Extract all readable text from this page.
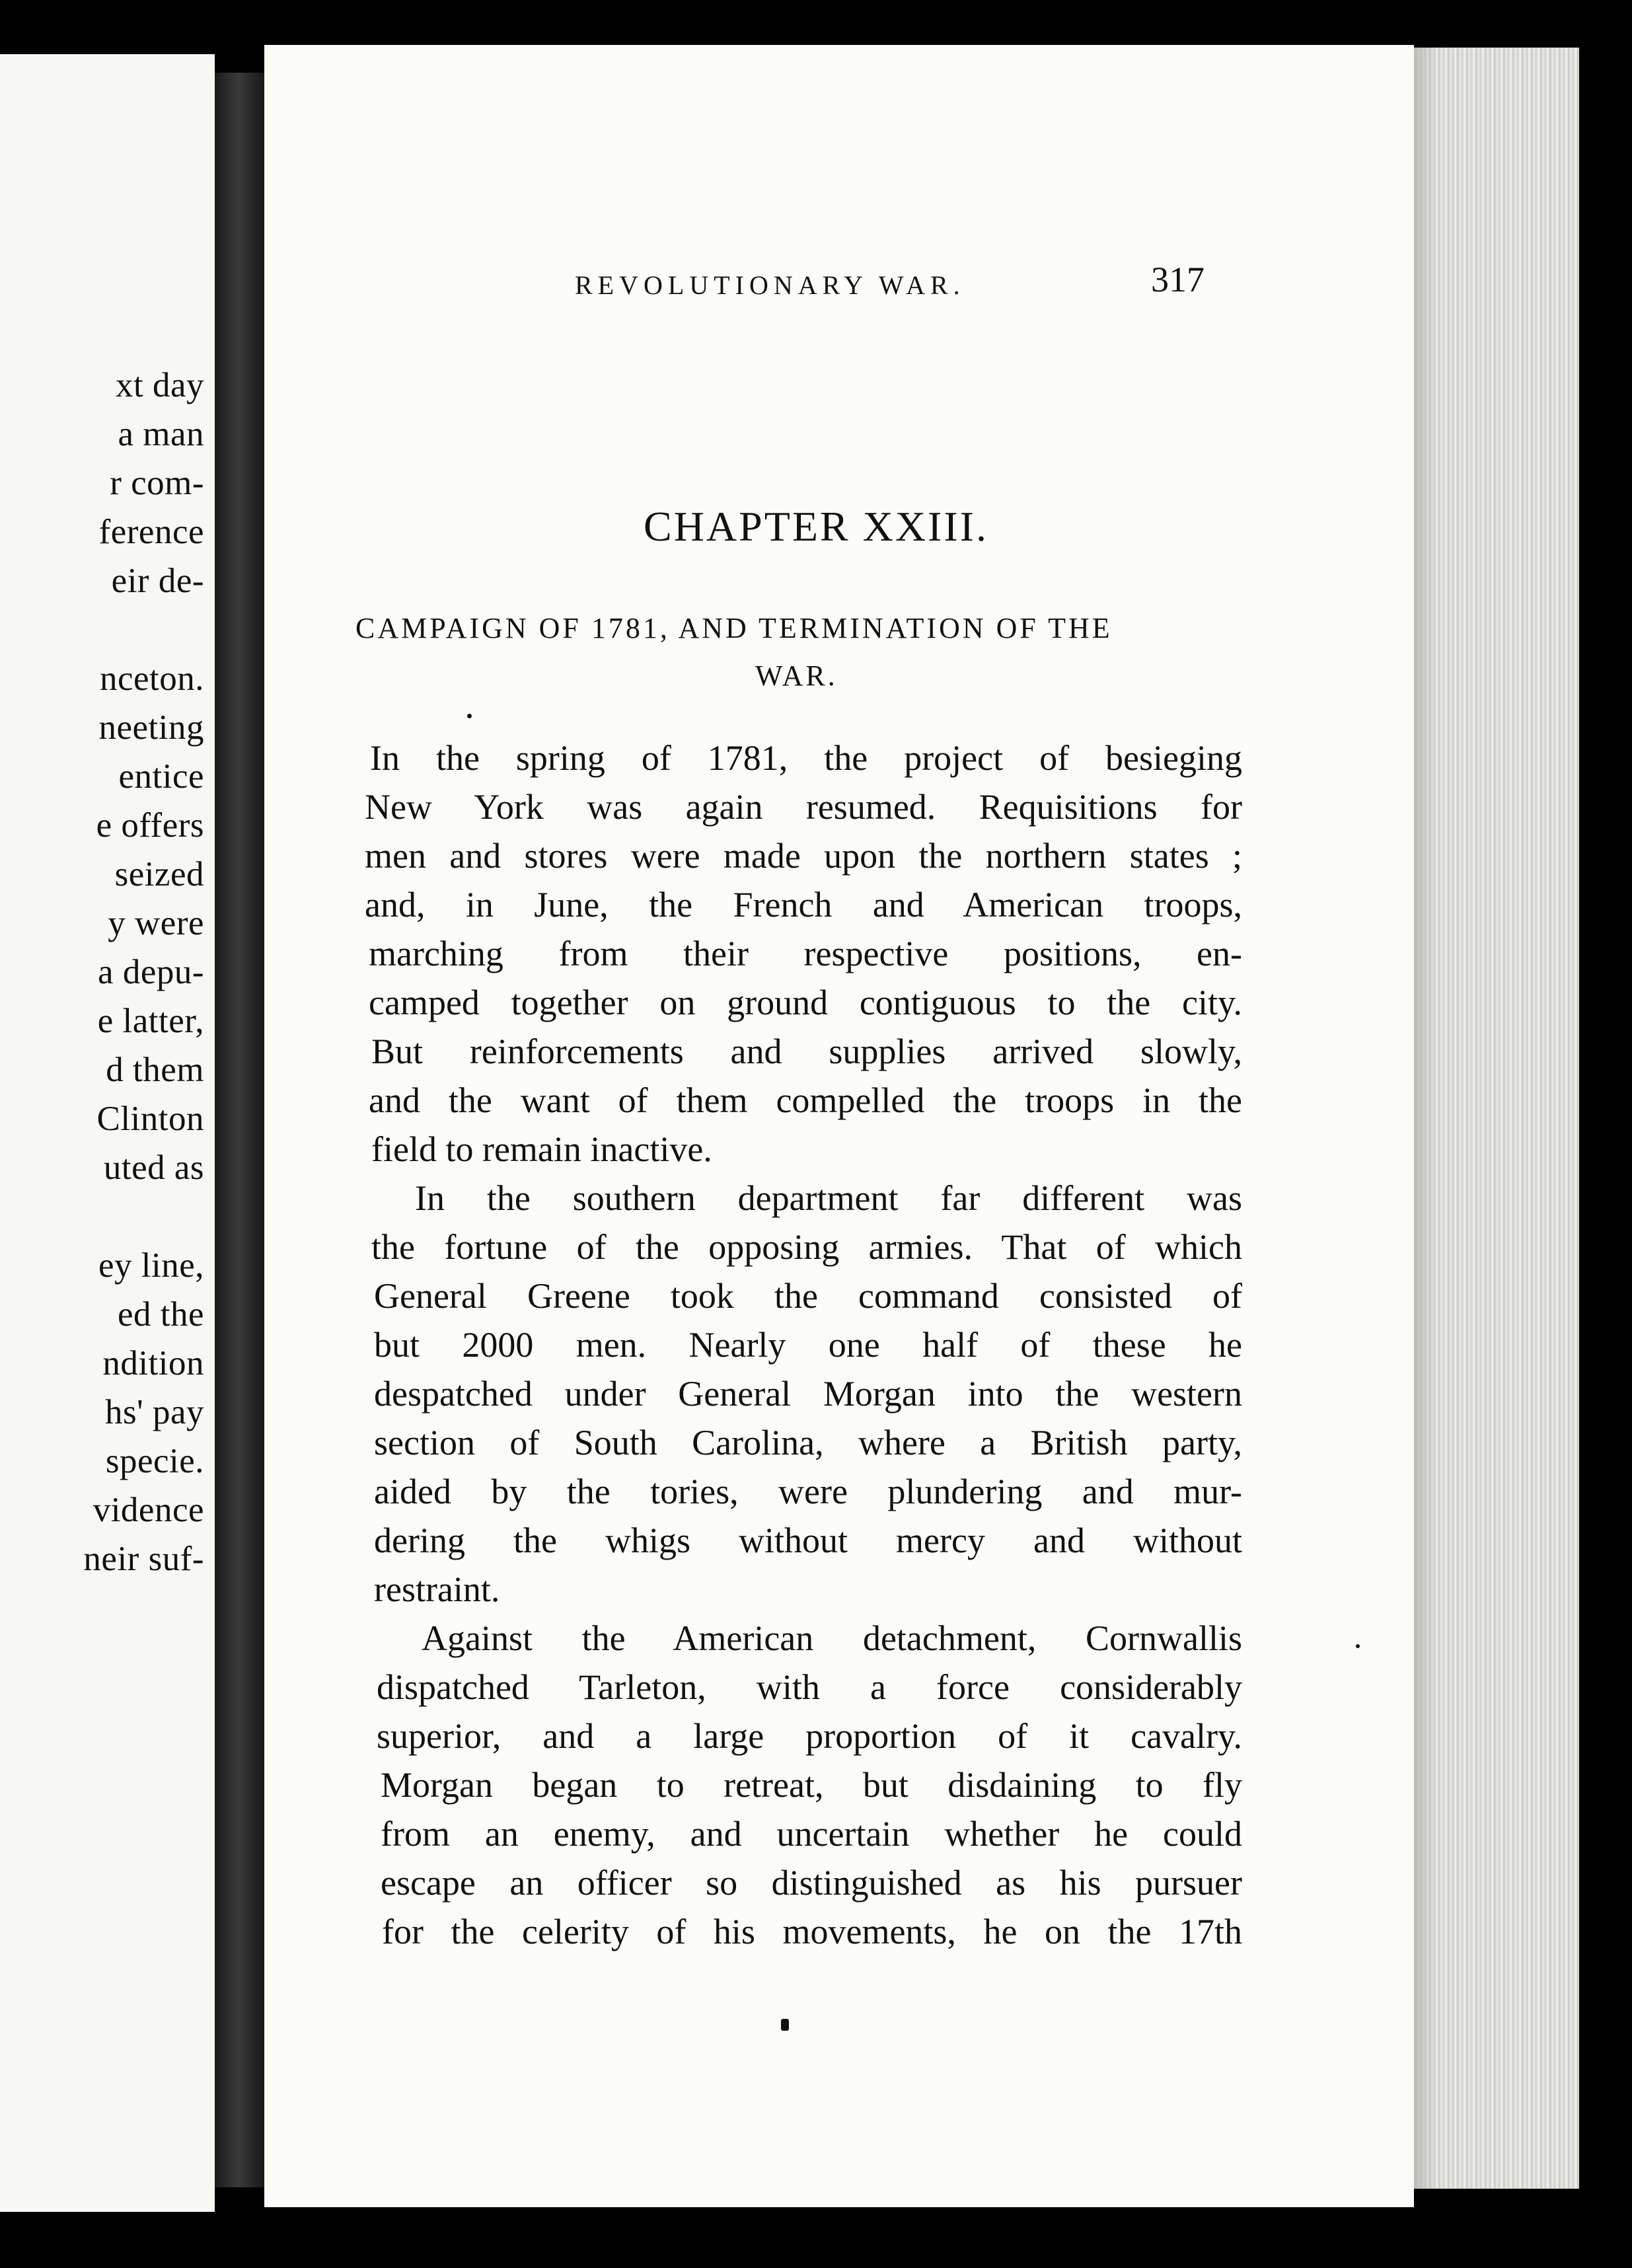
xt day
a man
r com-
ference
eir de-
nceton.
neeting
entice
e offers
seized
y were
a depu-
e latter,
d them
Clinton
uted as
ey line,
ed the
ndition
hs' pay
specie.
vidence
neir suf-
REVOLUTIONARY WAR.	317
CHAPTER XXIII.
CAMPAIGN OF 1781, AND TERMINATION OF THE
WAR.
In the spring of 1781, the project of besieging
New York was again resumed. Requisitions for
men and stores were made upon the northern states ;
and, in June, the French and American troops,
marching from their respective positions, en-
camped together on ground contiguous to the city.
But reinforcements and supplies arrived slowly,
and the want of them compelled the troops in the
field to remain inactive.
In the southern department far different was
the fortune of the opposing armies. That of which
General Greene took the command consisted of
but 2000 men. Nearly one half of these he
despatched under General Morgan into the western
section of South Carolina, where a British party,
aided by the tories, were plundering and mur-
dering the whigs without mercy and without
restraint.
Against the American detachment, Cornwallis
dispatched Tarleton, with a force considerably
superior, and a large proportion of it cavalry.
Morgan began to retreat, but disdaining to fly
from an enemy, and uncertain whether he could
escape an officer so distinguished as his pursuer
for the celerity of his movements, he on the 17th
